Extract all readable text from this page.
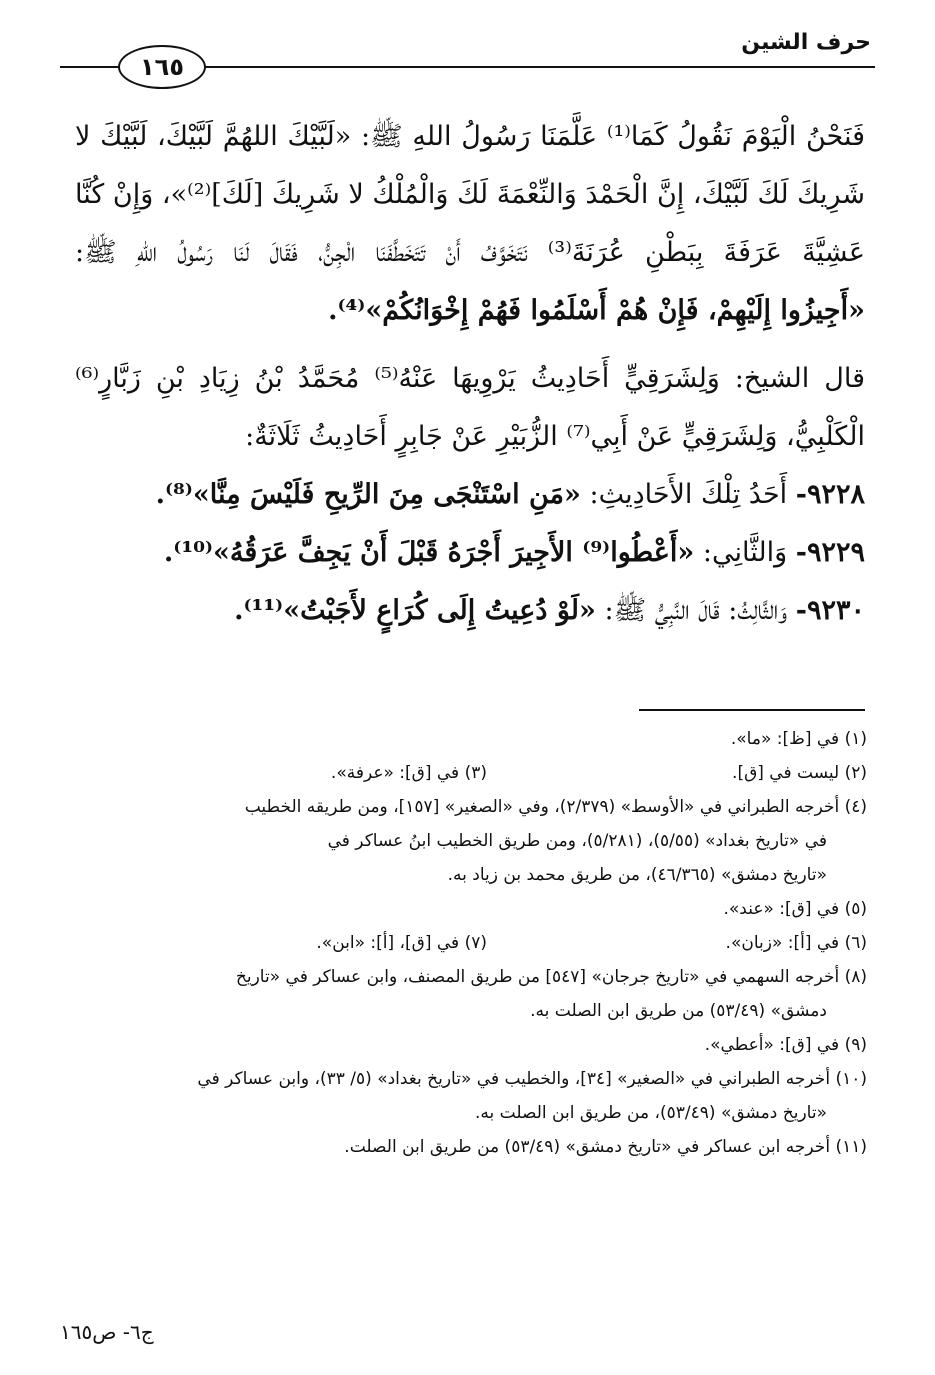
حرف الشين
١٦٥
فَنَحْنُ الْيَوْمَ نَقُولُ كَمَا⁽¹⁾ عَلَّمَنَا رَسُولُ اللهِ ﷺ: «لَبَّيْكَ اللهُمَّ لَبَّيْكَ، لَبَّيْكَ لا
شَرِيكَ لَكَ لَبَّيْكَ، إِنَّ الْحَمْدَ وَالنِّعْمَةَ لَكَ وَالْمُلْكُ لا شَرِيكَ [لَكَ]⁽²⁾»، وَإِنْ كُنَّا
عَشِيَّةَ عَرَفَةَ بِبَطْنِ عُرَنَةَ⁽³⁾ نَتَخَوَّفُ أَنْ تَتَخَطَّفَنَا الْجِنُّ، فَقَالَ لَنَا رَسُولُ اللهِ ﷺ:
«أَجِيزُوا إِلَيْهِمْ، فَإِنْ هُمْ أَسْلَمُوا فَهُمْ إِخْوَانُكُمْ»⁽⁴⁾.
قال الشيخ: وَلِشَرَقِيٍّ أَحَادِيثُ يَرْوِيهَا عَنْهُ⁽⁵⁾ مُحَمَّدُ بْنُ زِيَادِ بْنِ زَبَّارٍ⁽⁶⁾
الْكَلْبِيُّ، وَلِشَرَقِيٍّ عَنْ أَبِي⁽⁷⁾ الزُّبَيْرِ عَنْ جَابِرٍ أَحَادِيثُ ثَلَاثَةٌ:
٩٢٢٨- أَحَدُ تِلْكَ الأَحَادِيثِ: «مَنِ اسْتَنْجَى مِنَ الرِّيحِ فَلَيْسَ مِنَّا»⁽⁸⁾.
٩٢٢٩- وَالثَّانِي: «أَعْطُوا⁽⁹⁾ الأَجِيرَ أَجْرَهُ قَبْلَ أَنْ يَجِفَّ عَرَقُهُ»⁽¹⁰⁾.
٩٢٣٠- وَالثَّالِثُ: قَالَ النَّبِيُّ ﷺ: «لَوْ دُعِيتُ إِلَى كُرَاعٍ لأَجَبْتُ»⁽¹¹⁾.
(١) في [ظ]: «ما».
(٢) ليست في [ق].
(٣) في [ق]: «عرفة».
(٤) أخرجه الطبراني في «الأوسط» (٢/٣٧٩)، وفي «الصغير» [١٥٧]، ومن طريقه الخطيب
في «تاريخ بغداد» (٥/٥٥)، (٥/٢٨١)، ومن طريق الخطيب ابنُ عساكر في
«تاريخ دمشق» (٤٦/٣٦٥)، من طريق محمد بن زياد به.
(٥) في [ق]: «عند».
(٦) في [أ]: «زبان».
(٧) في [ق]، [أ]: «ابن».
(٨) أخرجه السهمي في «تاريخ جرجان» [٥٤٧] من طريق المصنف، وابن عساكر في «تاريخ
دمشق» (٥٣/٤٩) من طريق ابن الصلت به.
(٩) في [ق]: «أعطي».
(١٠) أخرجه الطبراني في «الصغير» [٣٤]، والخطيب في «تاريخ بغداد» (٥/ ٣٣)، وابن عساكر في
«تاريخ دمشق» (٥٣/٤٩)، من طريق ابن الصلت به.
(١١) أخرجه ابن عساكر في «تاريخ دمشق» (٥٣/٤٩) من طريق ابن الصلت.
ج٦- ص١٦٥
